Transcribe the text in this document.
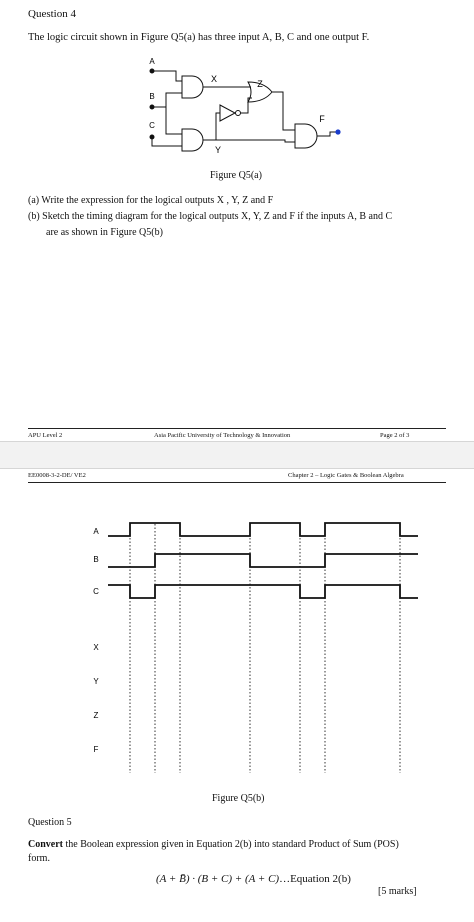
Question 4
The logic circuit shown in Figure Q5(a) has three input A, B, C and one output F.
A
B
C
X	Z
Y
F
Figure Q5(a)
(a) Write the expression for the logical outputs X , Y, Z and F
(b) Sketch the timing diagram for the logical outputs X, Y, Z and F if the inputs A, B and C
are as shown in Figure Q5(b)
APU Level 2	Asia Pacific University of Technology & Innovation	Page 2 of 3
EE0008-3-2-DE/ VE2	Chapter 2 – Logic Gates & Boolean Algebra
A
B
C
X
Y
Z
F
Figure Q5(b)
Question 5
Convert the Boolean expression given in Equation 2(b) into standard Product of Sum (POS)
form.
(A + B̄) · (B + C) + (A + C)…Equation 2(b)
[5 marks]
